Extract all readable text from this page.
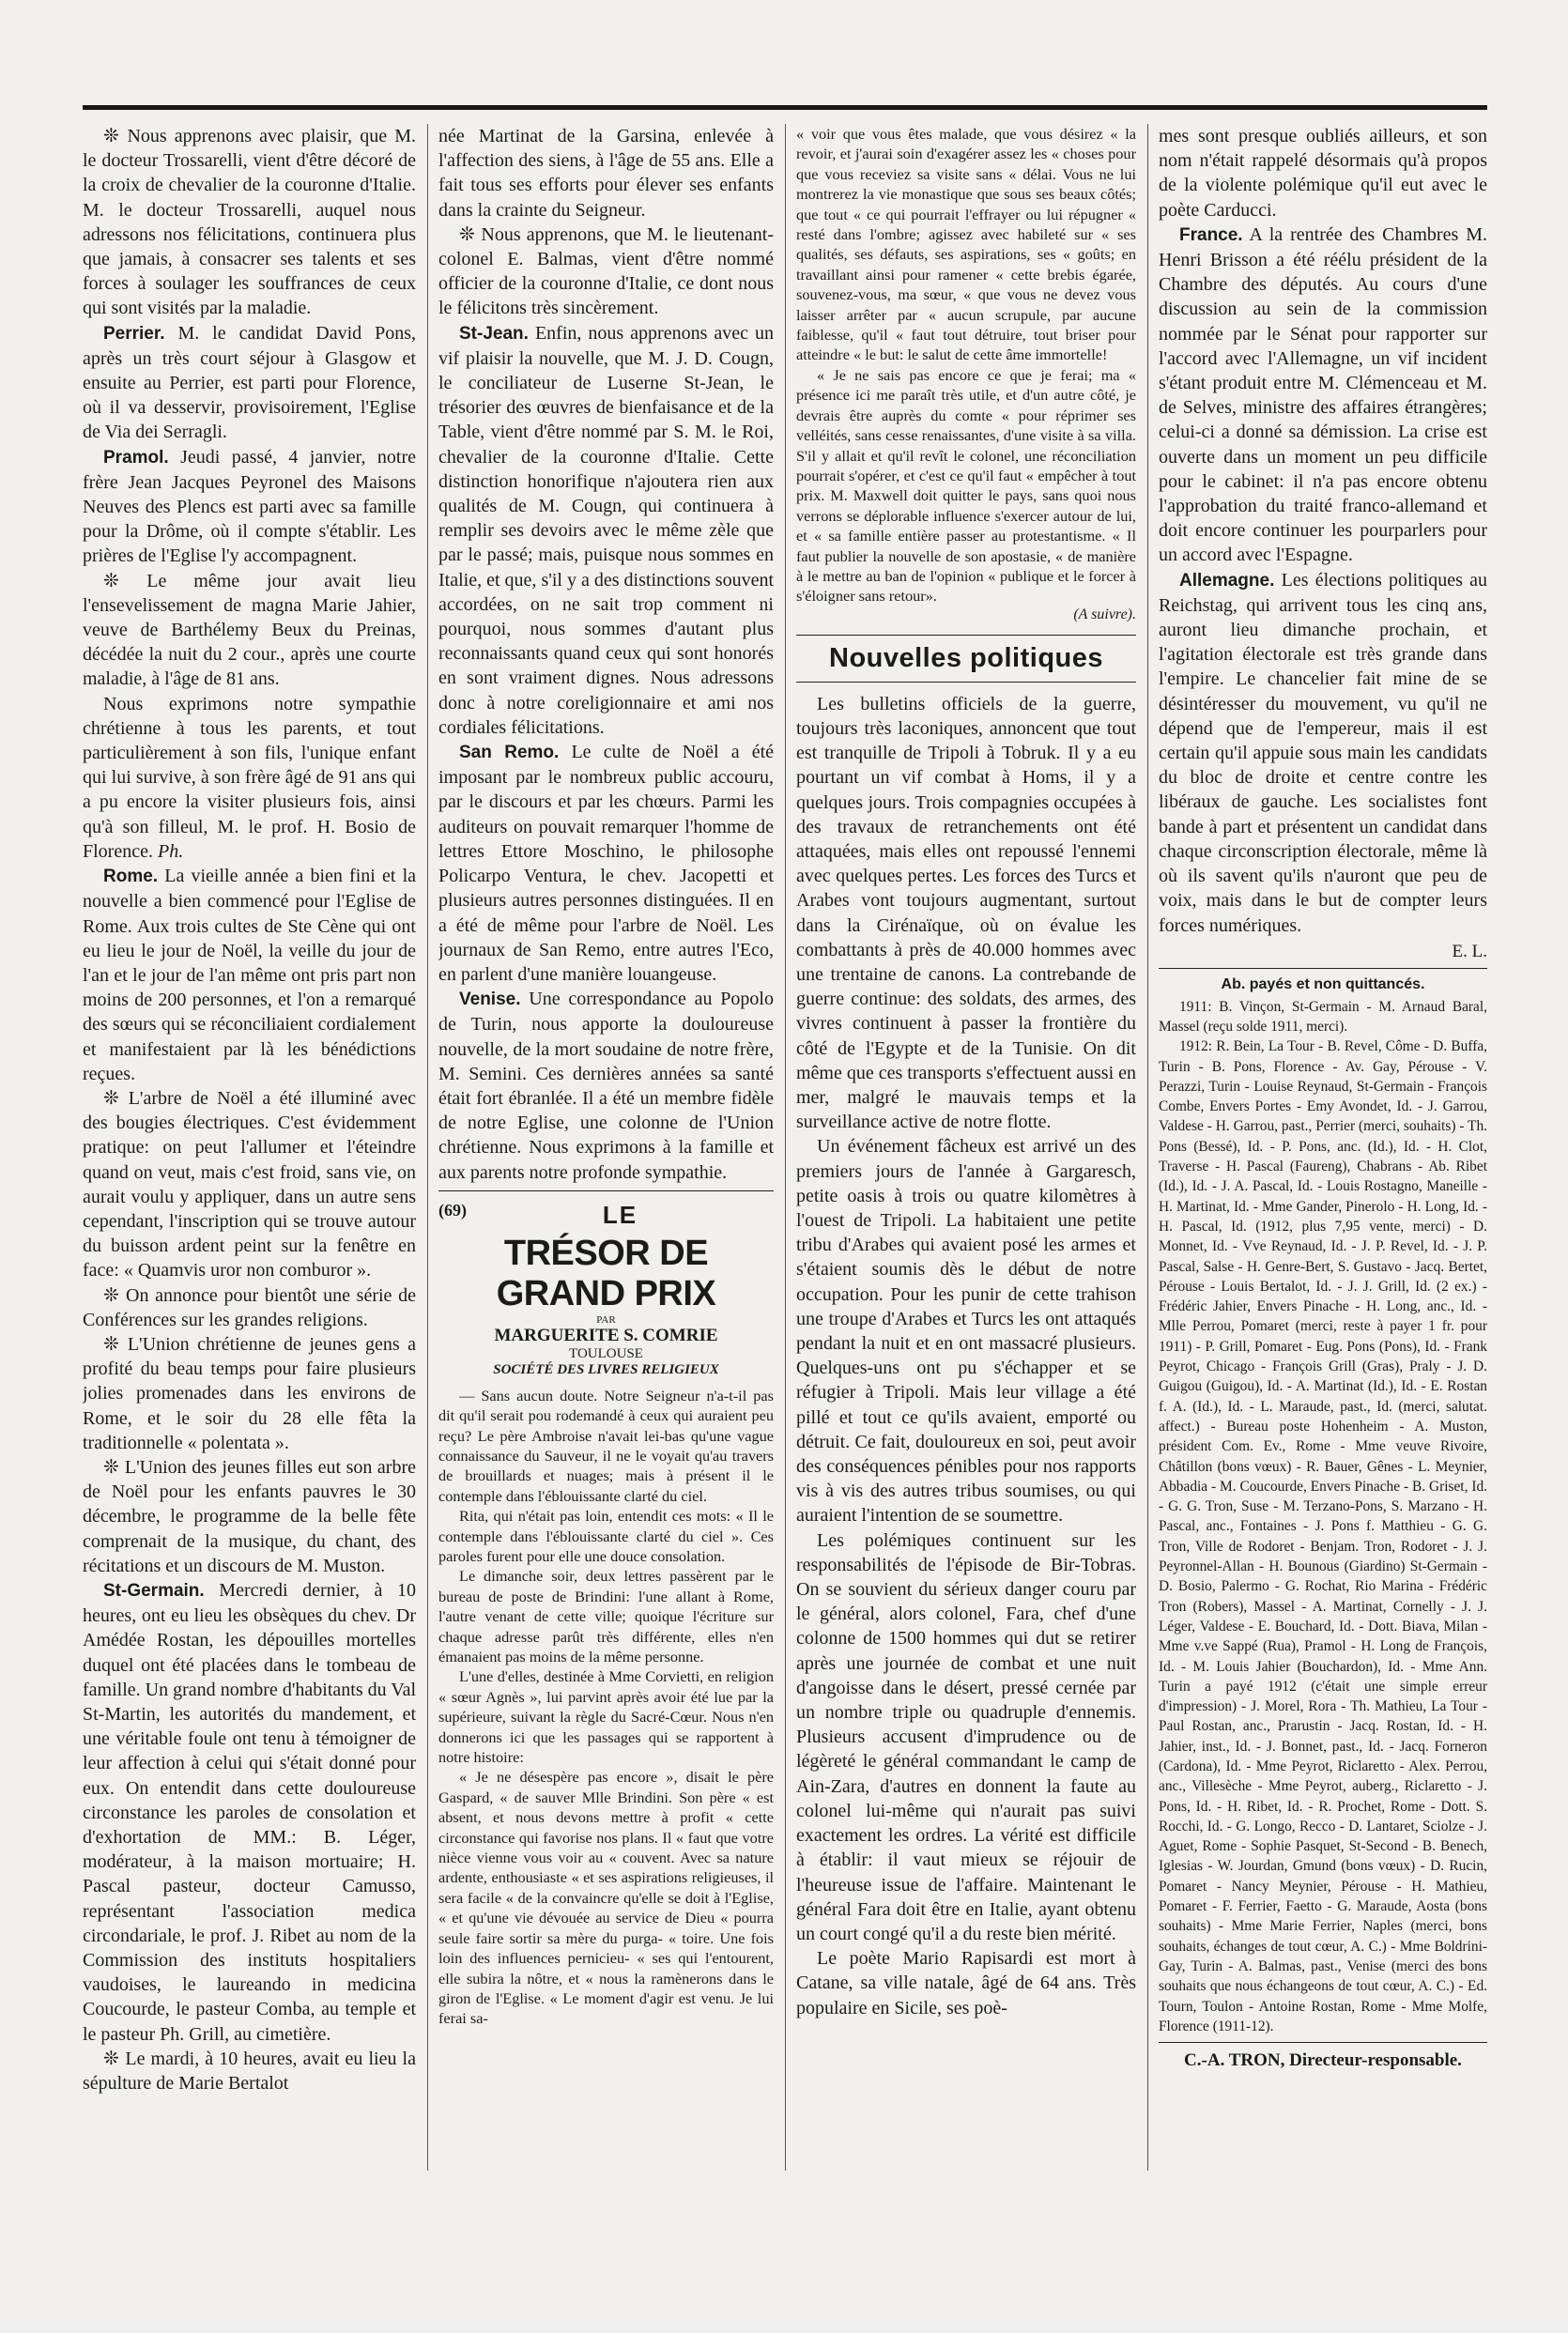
❊ Nous apprenons avec plaisir, que M. le docteur Trossarelli, vient d'être décoré de la croix de chevalier de la couronne d'Italie. M. le docteur Trossarelli, auquel nous adressons nos félicitations, continuera plus que jamais, à consacrer ses talents et ses forces à soulager les souffrances de ceux qui sont visités par la maladie.

Perrier. M. le candidat David Pons, après un très court séjour à Glasgow et ensuite au Perrier, est parti pour Florence, où il va desservir, provisoirement, l'Eglise de Via dei Serragli.

Pramol. Jeudi passé, 4 janvier, notre frère Jean Jacques Peyronel des Maisons Neuves des Plencs est parti avec sa famille pour la Drôme, où il compte s'établir. Les prières de l'Eglise l'y accompagnent.

❊ Le même jour avait lieu l'ensevelissement de magna Marie Jahier, veuve de Barthélemy Beux du Preinas, décédée la nuit du 2 cour., après une courte maladie, à l'âge de 81 ans.

Nous exprimons notre sympathie chrétienne à tous les parents, et tout particulièrement à son fils, l'unique enfant qui lui survive, à son frère âgé de 91 ans qui a pu encore la visiter plusieurs fois, ainsi qu'à son filleul, M. le prof. H. Bosio de Florence. Ph.

Rome. La vieille année a bien fini et la nouvelle a bien commencé pour l'Eglise de Rome. Aux trois cultes de Ste Cène qui ont eu lieu le jour de Noël, la veille du jour de l'an et le jour de l'an même ont pris part non moins de 200 personnes, et l'on a remarqué des sœurs qui se réconciliaient cordialement et manifestaient par là les bénédictions reçues.

❊ L'arbre de Noël a été illuminé avec des bougies électriques. C'est évidemment pratique: on peut l'allumer et l'éteindre quand on veut, mais c'est froid, sans vie, on aurait voulu y appliquer, dans un autre sens cependant, l'inscription qui se trouve autour du buisson ardent peint sur la fenêtre en face: « Quamvis uror non comburor ».

❊ On annonce pour bientôt une série de Conférences sur les grandes religions.

❊ L'Union chrétienne de jeunes gens a profité du beau temps pour faire plusieurs jolies promenades dans les environs de Rome, et le soir du 28 elle fêta la traditionnelle « polentata ».

❊ L'Union des jeunes filles eut son arbre de Noël pour les enfants pauvres le 30 décembre, le programme de la belle fête comprenait de la musique, du chant, des récitations et un discours de M. Muston.

St-Germain. Mercredi dernier, à 10 heures, ont eu lieu les obsèques du chev. Dr Amédée Rostan, les dépouilles mortelles duquel ont été placées dans le tombeau de famille. Un grand nombre d'habitants du Val St-Martin, les autorités du mandement, et une véritable foule ont tenu à témoigner de leur affection à celui qui s'était donné pour eux. On entendit dans cette douloureuse circonstance les paroles de consolation et d'exhortation de MM.: B. Léger, modérateur, à la maison mortuaire; H. Pascal pasteur, docteur Camusso, représentant l'association medica circondariale, le prof. J. Ribet au nom de la Commission des instituts hospitaliers vaudoises, le laureando in medicina Coucourde, le pasteur Comba, au temple et le pasteur Ph. Grill, au cimetière.

❊ Le mardi, à 10 heures, avait eu lieu la sépulture de Marie Bertalot

née Martinat de la Garsina, enlevée à l'affection des siens, à l'âge de 55 ans. Elle a fait tous ses efforts pour élever ses enfants dans la crainte du Seigneur.

❊ Nous apprenons, que M. le lieutenant-colonel E. Balmas, vient d'être nommé officier de la couronne d'Italie, ce dont nous le félicitons très sincèrement.

St-Jean. Enfin, nous apprenons avec un vif plaisir la nouvelle, que M. J. D. Cougn, le conciliateur de Luserne St-Jean, le trésorier des œuvres de bienfaisance et de la Table, vient d'être nommé par S. M. le Roi, chevalier de la couronne d'Italie. Cette distinction honorifique n'ajoutera rien aux qualités de M. Cougn, qui continuera à remplir ses devoirs avec le même zèle que par le passé; mais, puisque nous sommes en Italie, et que, s'il y a des distinctions souvent accordées, on ne sait trop comment ni pourquoi, nous sommes d'autant plus reconnaissants quand ceux qui sont honorés en sont vraiment dignes. Nous adressons donc à notre coreligionnaire et ami nos cordiales félicitations.

San Remo. Le culte de Noël a été imposant par le nombreux public accouru, par le discours et par les chœurs. Parmi les auditeurs on pouvait remarquer l'homme de lettres Ettore Moschino, le philosophe Policarpo Ventura, le chev. Jacopetti et plusieurs autres personnes distinguées. Il en a été de même pour l'arbre de Noël. Les journaux de San Remo, entre autres l'Eco, en parlent d'une manière louangeuse.

Venise. Une correspondance au Popolo de Turin, nous apporte la douloureuse nouvelle, de la mort soudaine de notre frère, M. Semini. Ces dernières années sa santé était fort ébranlée. Il a été un membre fidèle de notre Eglise, une colonne de l'Union chrétienne. Nous exprimons à la famille et aux parents notre profonde sympathie.

(69)	LE
TRÉSOR DE GRAND PRIX
PAR
MARGUERITE S. COMRIE
TOULOUSE
SOCIÉTÉ DES LIVRES RELIGIEUX

— Sans aucun doute. Notre Seigneur n'a-t-il pas dit qu'il serait pou rodemandé à ceux qui auraient peu reçu? Le père Ambroise n'avait lei-bas qu'une vague connaissance du Sauveur, il ne le voyait qu'au travers de brouillards et nuages; mais à présent il le contemple dans l'éblouissante clarté du ciel.

Rita, qui n'était pas loin, entendit ces mots: « Il le contemple dans l'éblouissante clarté du ciel ». Ces paroles furent pour elle une douce consolation.

Le dimanche soir, deux lettres passèrent par le bureau de poste de Brindini: l'une allant à Rome, l'autre venant de cette ville; quoique l'écriture sur chaque adresse parût très différente, elles n'en émanaient pas moins de la même personne.

L'une d'elles, destinée à Mme Corvietti, en religion « sœur Agnès », lui parvint après avoir été lue par la supérieure, suivant la règle du Sacré-Cœur. Nous n'en donnerons ici que les passages qui se rapportent à notre histoire:

« Je ne désespère pas encore », disait le père Gaspard, « de sauver Mlle Brindini. Son père « est absent, et nous devons mettre à profit « cette circonstance qui favorise nos plans. Il « faut que votre nièce vienne vous voir au « couvent. Avec sa nature ardente, enthousiaste « et ses aspirations religieuses, il sera facile « de la convaincre qu'elle se doit à l'Eglise, « et qu'une vie dévouée au service de Dieu « pourra seule faire sortir sa mère du purga- « toire. Une fois loin des influences pernicieu- « ses qui l'entourent, elle subira la nôtre, et « nous la ramènerons dans le giron de l'Eglise. « Le moment d'agir est venu. Je lui ferai sa-

« voir que vous êtes malade, que vous désirez « la revoir, et j'aurai soin d'exagérer assez les « choses pour que vous receviez sa visite sans « délai. Vous ne lui montrerez la vie monastique que sous ses beaux côtés; que tout « ce qui pourrait l'effrayer ou lui répugner « resté dans l'ombre; agissez avec habileté sur « ses qualités, ses défauts, ses aspirations, ses « goûts; en travaillant ainsi pour ramener « cette brebis égarée, souvenez-vous, ma sœur, « que vous ne devez vous laisser arrêter par « aucun scrupule, par aucune faiblesse, qu'il « faut tout détruire, tout briser pour atteindre « le but: le salut de cette âme immortelle!

« Je ne sais pas encore ce que je ferai; ma « présence ici me paraît très utile, et d'un autre côté, je devrais être auprès du comte « pour réprimer ses velléités, sans cesse renaissantes, d'une visite à sa villa. S'il y allait et qu'il revît le colonel, une réconciliation pourrait s'opérer, et c'est ce qu'il faut « empêcher à tout prix. M. Maxwell doit quitter le pays, sans quoi nous verrons se déplorable influence s'exercer autour de lui, et « sa famille entière passer au protestantisme. « Il faut publier la nouvelle de son apostasie, « de manière à le mettre au ban de l'opinion « publique et le forcer à s'éloigner sans retour».

(A suivre).
Nouvelles politiques

Les bulletins officiels de la guerre, toujours très laconiques, annoncent que tout est tranquille de Tripoli à Tobruk. Il y a eu pourtant un vif combat à Homs, il y a quelques jours. Trois compagnies occupées à des travaux de retranchements ont été attaquées, mais elles ont repoussé l'ennemi avec quelques pertes. Les forces des Turcs et Arabes vont toujours augmentant, surtout dans la Cirénaïque, où on évalue les combattants à près de 40.000 hommes avec une trentaine de canons. La contrebande de guerre continue: des soldats, des armes, des vivres continuent à passer la frontière du côté de l'Egypte et de la Tunisie. On dit même que ces transports s'effectuent aussi en mer, malgré le mauvais temps et la surveillance active de notre flotte.

Un événement fâcheux est arrivé un des premiers jours de l'année à Gargaresch, petite oasis à trois ou quatre kilomètres à l'ouest de Tripoli. La habitaient une petite tribu d'Arabes qui avaient posé les armes et s'étaient soumis dès le début de notre occupation. Pour les punir de cette trahison une troupe d'Arabes et Turcs les ont attaqués pendant la nuit et en ont massacré plusieurs. Quelques-uns ont pu s'échapper et se réfugier à Tripoli. Mais leur village a été pillé et tout ce qu'ils avaient, emporté ou détruit. Ce fait, douloureux en soi, peut avoir des conséquences pénibles pour nos rapports vis à vis des autres tribus soumises, ou qui auraient l'intention de se soumettre.

Les polémiques continuent sur les responsabilités de l'épisode de Bir-Tobras. On se souvient du sérieux danger couru par le général, alors colonel, Fara, chef d'une colonne de 1500 hommes qui dut se retirer après une journée de combat et une nuit d'angoisse dans le désert, pressé cernée par un nombre triple ou quadruple d'ennemis. Plusieurs accusent d'imprudence ou de légèreté le général commandant le camp de Ain-Zara, d'autres en donnent la faute au colonel lui-même qui n'aurait pas suivi exactement les ordres. La vérité est difficile à établir: il vaut mieux se réjouir de l'heureuse issue de l'affaire. Maintenant le général Fara doit être en Italie, ayant obtenu un court congé qu'il a du reste bien mérité.

Le poète Mario Rapisardi est mort à Catane, sa ville natale, âgé de 64 ans. Très populaire en Sicile, ses poè-

mes sont presque oubliés ailleurs, et son nom n'était rappelé désormais qu'à propos de la violente polémique qu'il eut avec le poète Carducci.

France. A la rentrée des Chambres M. Henri Brisson a été réélu président de la Chambre des députés. Au cours d'une discussion au sein de la commission nommée par le Sénat pour rapporter sur l'accord avec l'Allemagne, un vif incident s'étant produit entre M. Clémenceau et M. de Selves, ministre des affaires étrangères; celui-ci a donné sa démission. La crise est ouverte dans un moment un peu difficile pour le cabinet: il n'a pas encore obtenu l'approbation du traité franco-allemand et doit encore continuer les pourparlers pour un accord avec l'Espagne.

Allemagne. Les élections politiques au Reichstag, qui arrivent tous les cinq ans, auront lieu dimanche prochain, et l'agitation électorale est très grande dans l'empire. Le chancelier fait mine de se désintéresser du mouvement, vu qu'il ne dépend que de l'empereur, mais il est certain qu'il appuie sous main les candidats du bloc de droite et centre contre les libéraux de gauche. Les socialistes font bande à part et présentent un candidat dans chaque circonscription électorale, même là où ils savent qu'ils n'auront que peu de voix, mais dans le but de compter leurs forces numériques.

E. L.
Ab. payés et non quittancés.

1911: B. Vinçon, St-Germain - M. Arnaud Baral, Massel (reçu solde 1911, merci).

1912: R. Bein, La Tour - B. Revel, Côme - D. Buffa, Turin - B. Pons, Florence - Av. Gay, Pérouse - V. Perazzi, Turin - Louise Reynaud, St-Germain - François Combe, Envers Portes - Emy Avondet, Id. - J. Garrou, Valdese - H. Garrou, past., Perrier (merci, souhaits) - Th. Pons (Bessé), Id. - P. Pons, anc. (Id.), Id. - H. Clot, Traverse - H. Pascal (Faureng), Chabrans - Ab. Ribet (Id.), Id. - J. A. Pascal, Id. - Louis Rostagno, Maneille - H. Martinat, Id. - Mme Gander, Pinerolo - H. Long, Id. - H. Pascal, Id. (1912, plus 7,95 vente, merci) - D. Monnet, Id. - Vve Reynaud, Id. - J. P. Revel, Id. - J. P. Pascal, Salse - H. Genre-Bert, S. Gustavo - Jacq. Bertet, Pérouse - Louis Bertalot, Id. - J. J. Grill, Id. (2 ex.) - Frédéric Jahier, Envers Pinache - H. Long, anc., Id. - Mlle Perrou, Pomaret (merci, reste à payer 1 fr. pour 1911) - P. Grill, Pomaret - Eug. Pons (Pons), Id. - Frank Peyrot, Chicago - François Grill (Gras), Praly - J. D. Guigou (Guigou), Id. - A. Martinat (Id.), Id. - E. Rostan f. A. (Id.), Id. - L. Maraude, past., Id. (merci, salutat. affect.) - Bureau poste Hohenheim - A. Muston, président Com. Ev., Rome - Mme veuve Rivoire, Châtillon (bons vœux) - R. Bauer, Gênes - L. Meynier, Abbadia - M. Coucourde, Envers Pinache - B. Griset, Id. - G. G. Tron, Suse - M. Terzano-Pons, S. Marzano - H. Pascal, anc., Fontaines - J. Pons f. Matthieu - G. G. Tron, Ville de Rodoret - Benjam. Tron, Rodoret - J. J. Peyronnel-Allan - H. Bounous (Giardino) St-Germain - D. Bosio, Palermo - G. Rochat, Rio Marina - Frédéric Tron (Robers), Massel - A. Martinat, Cornelly - J. J. Léger, Valdese - E. Bouchard, Id. - Dott. Biava, Milan - Mme v.ve Sappé (Rua), Pramol - H. Long de François, Id. - M. Louis Jahier (Bouchardon), Id. - Mme Ann. Turin a payé 1912 (c'était une simple erreur d'impression) - J. Morel, Rora - Th. Mathieu, La Tour - Paul Rostan, anc., Prarustin - Jacq. Rostan, Id. - H. Jahier, inst., Id. - J. Bonnet, past., Id. - Jacq. Forneron (Cardona), Id. - Mme Peyrot, Riclaretto - Alex. Perrou, anc., Villesèche - Mme Peyrot, auberg., Riclaretto - J. Pons, Id. - H. Ribet, Id. - R. Prochet, Rome - Dott. S. Rocchi, Id. - G. Longo, Recco - D. Lantaret, Sciolze - J. Aguet, Rome - Sophie Pasquet, St-Second - B. Benech, Iglesias - W. Jourdan, Gmund (bons vœux) - D. Rucin, Pomaret - Nancy Meynier, Pérouse - H. Mathieu, Pomaret - F. Ferrier, Faetto - G. Maraude, Aosta (bons souhaits) - Mme Marie Ferrier, Naples (merci, bons souhaits, échanges de tout cœur, A. C.) - Mme Boldrini-Gay, Turin - A. Balmas, past., Venise (merci des bons souhaits que nous échangeons de tout cœur, A. C.) - Ed. Tourn, Toulon - Antoine Rostan, Rome - Mme Molfe, Florence (1911-12).

C.-A. TRON, Directeur-responsable.
